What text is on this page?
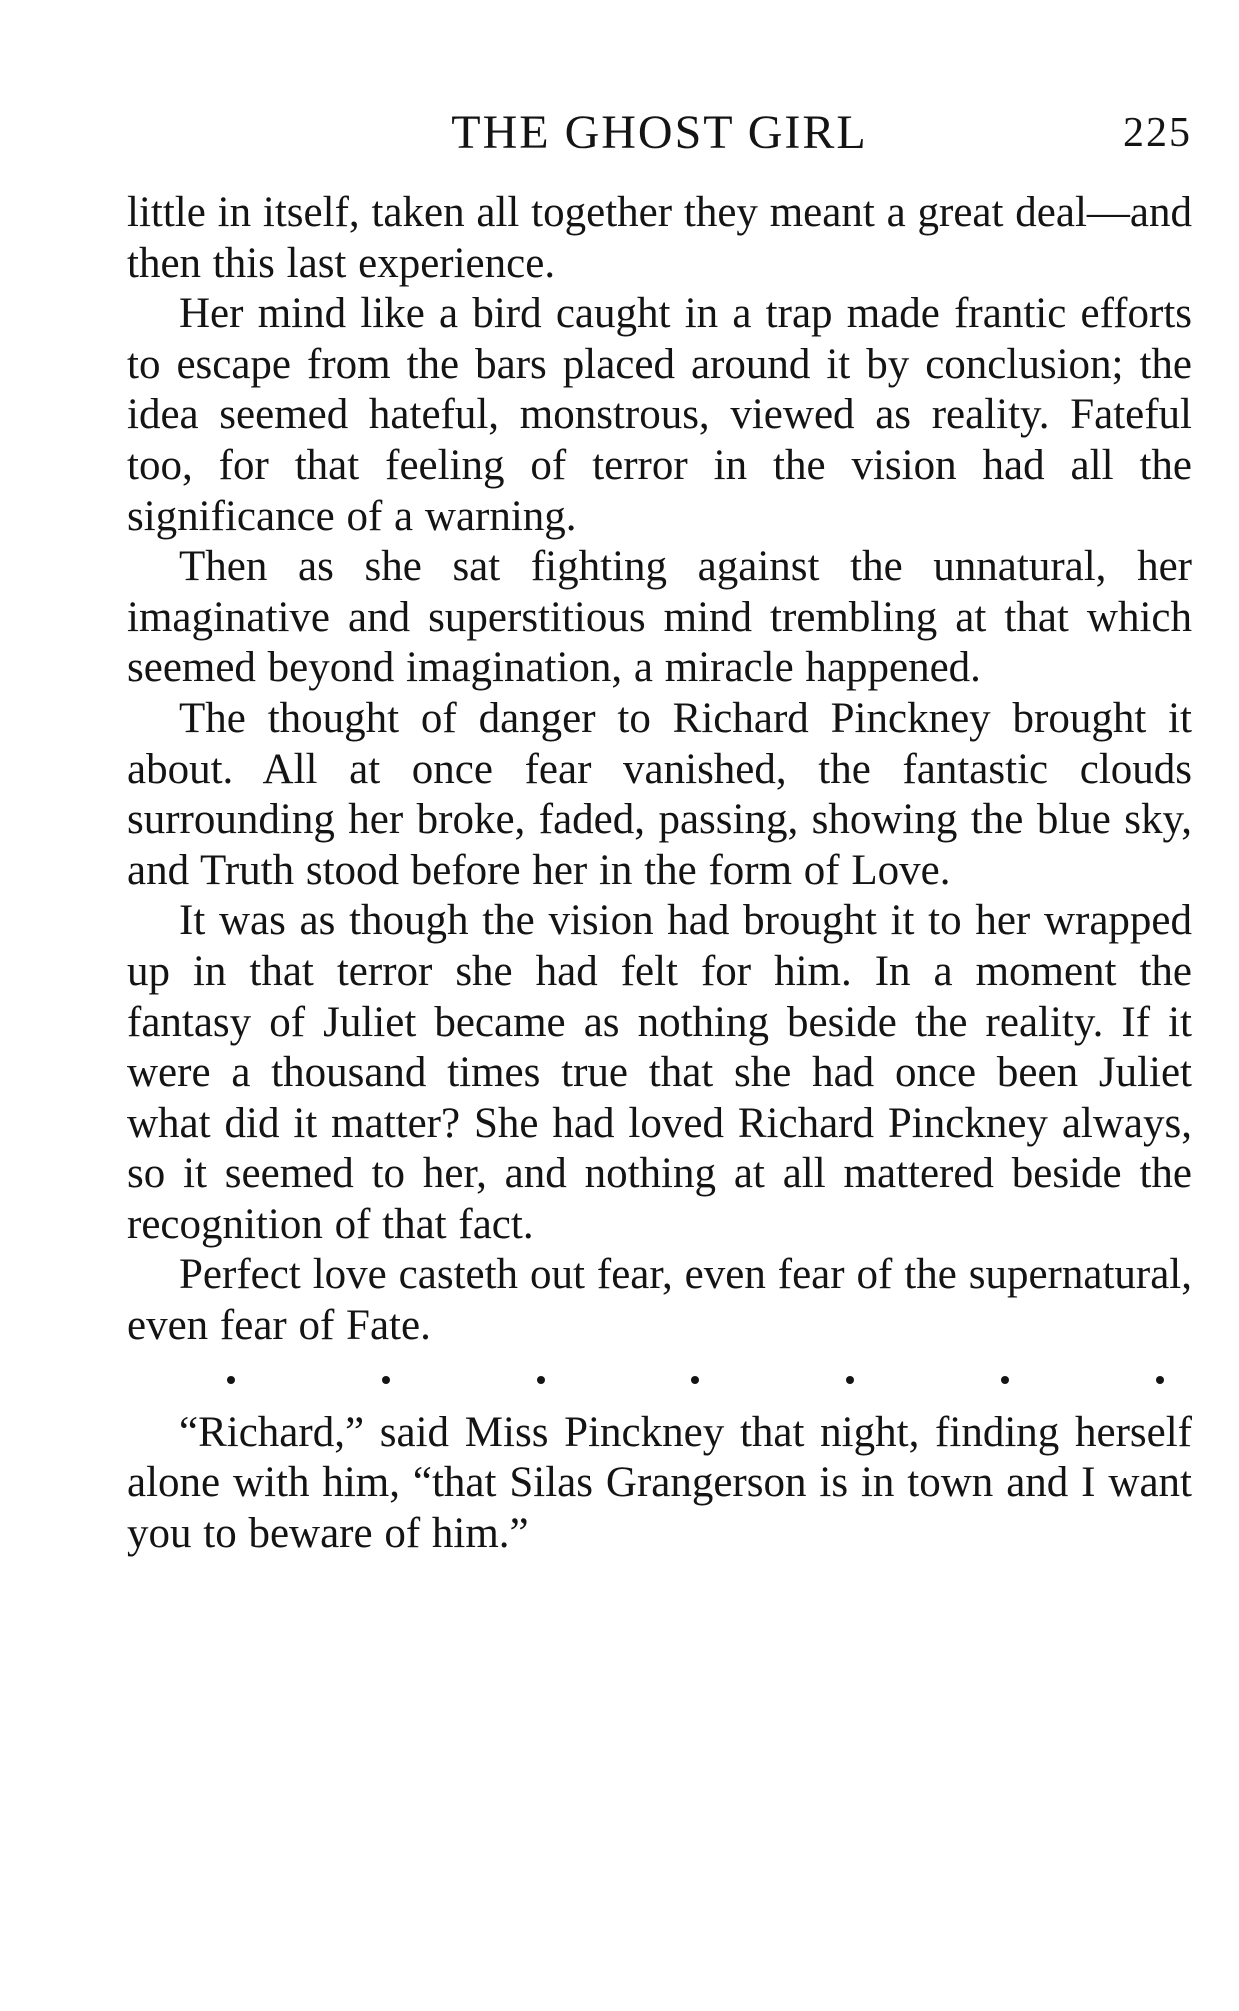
THE GHOST GIRL	225

little in itself, taken all together they meant a great deal—and then this last experience.

Her mind like a bird caught in a trap made frantic efforts to escape from the bars placed around it by conclusion; the idea seemed hateful, monstrous, viewed as reality. Fateful too, for that feeling of terror in the vision had all the significance of a warning.

Then as she sat fighting against the unnatural, her imaginative and superstitious mind trembling at that which seemed beyond imagination, a miracle happened.

The thought of danger to Richard Pinckney brought it about. All at once fear vanished, the fantastic clouds surrounding her broke, faded, passing, showing the blue sky, and Truth stood before her in the form of Love.

It was as though the vision had brought it to her wrapped up in that terror she had felt for him. In a moment the fantasy of Juliet became as nothing beside the reality. If it were a thousand times true that she had once been Juliet what did it matter? She had loved Richard Pinckney always, so it seemed to her, and nothing at all mattered beside the recognition of that fact.

Perfect love casteth out fear, even fear of the supernatural, even fear of Fate.

“Richard,” said Miss Pinckney that night, finding herself alone with him, “that Silas Grangerson is in town and I want you to beware of him.”
